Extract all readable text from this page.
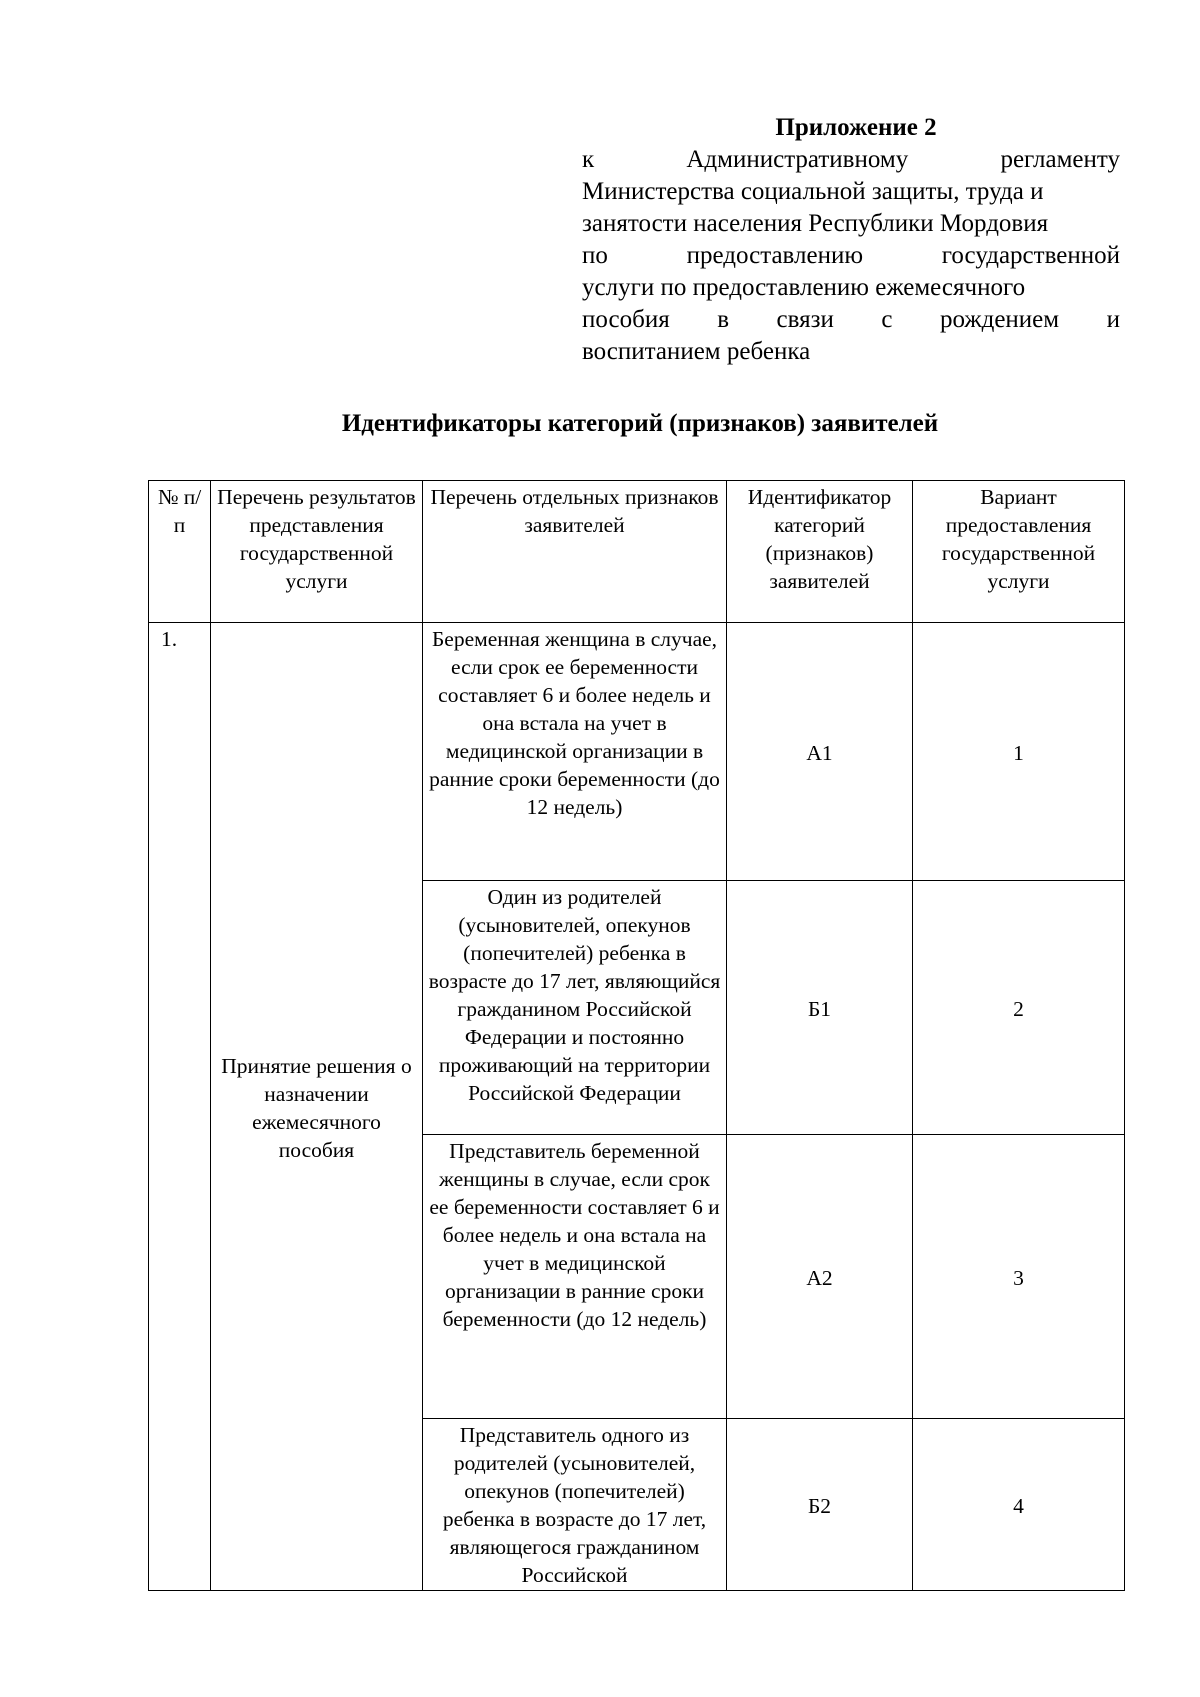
Приложение 2
к	Административному	регламенту
Министерства социальной защиты, труда и
занятости населения Республики Мордовия
по	предоставлению	государственной
услуги по предоставлению ежемесячного
пособия в связи с рождением и
воспитанием ребенка
Идентификаторы категорий (признаков) заявителей
№ п/п	Перечень результатов представления государственной услуги	Перечень отдельных признаков заявителей	Идентификатор категорий (признаков) заявителей	Вариант предоставления государственной услуги
1.	Принятие решения о назначении ежемесячного пособия	Беременная женщина в случае, если срок ее беременности составляет 6 и более недель и она встала на учет в медицинской организации в ранние сроки беременности (до 12 недель)	А1	1
		Один из родителей (усыновителей, опекунов (попечителей) ребенка в возрасте до 17 лет, являющийся гражданином Российской Федерации и постоянно проживающий на территории Российской Федерации	Б1	2
		Представитель беременной женщины в случае, если срок ее беременности составляет 6 и более недель и она встала на учет в медицинской организации в ранние сроки беременности (до 12 недель)	А2	3
		Представитель одного из родителей (усыновителей, опекунов (попечителей) ребенка в возрасте до 17 лет, являющегося гражданином Российской	Б2	4
